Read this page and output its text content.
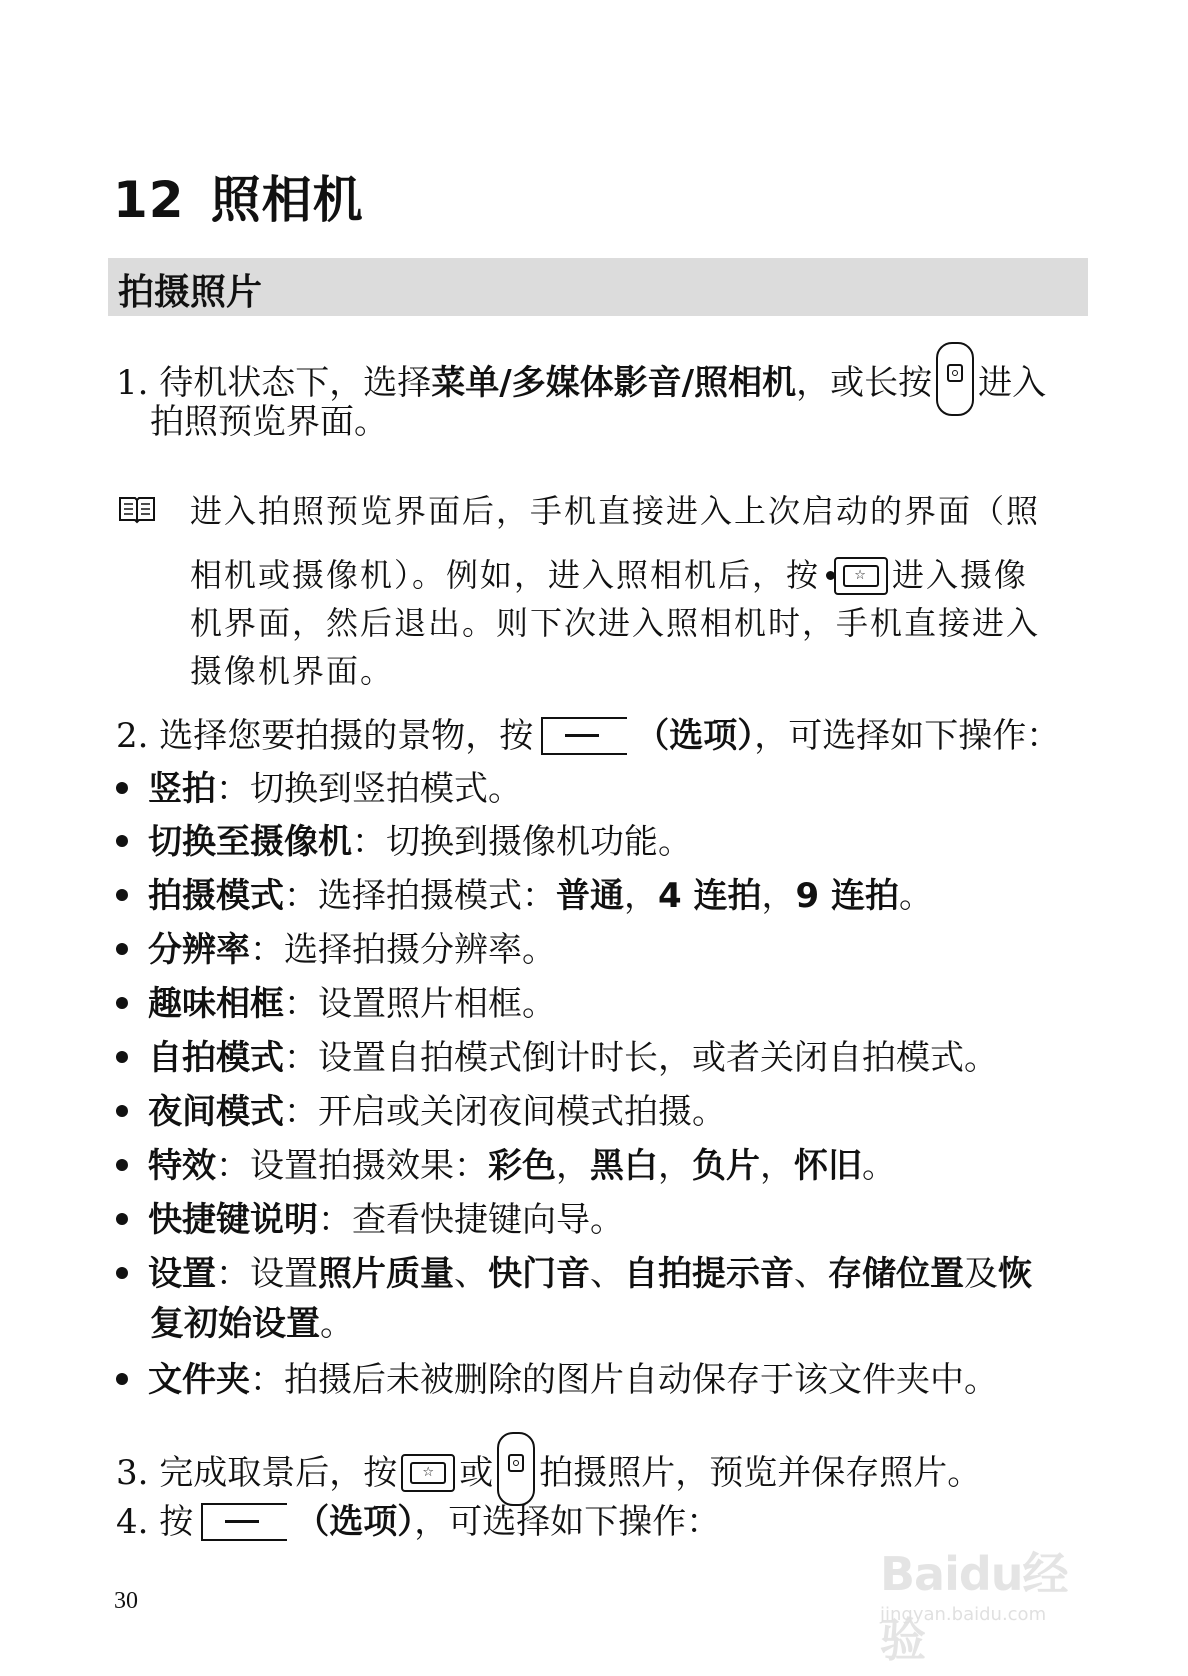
12 照相机
拍摄照片
1. 待机状态下，选择菜单/多媒体影音/照相机，或长按 进入
拍照预览界面。
进入拍照预览界面后，手机直接进入上次启动的界面（照
相机或摄像机）。例如，进入照相机后，按	☆ 进入摄像
机界面，然后退出。则下次进入照相机时，手机直接进入
摄像机界面。
2. 选择您要拍摄的景物，按	（选项），可选择如下操作：
竖拍：切换到竖拍模式。
切换至摄像机：切换到摄像机功能。
拍摄模式：选择拍摄模式：普通，4 连拍，9 连拍。
分辨率：选择拍摄分辨率。
趣味相框：设置照片相框。
自拍模式：设置自拍模式倒计时长，或者关闭自拍模式。
夜间模式：开启或关闭夜间模式拍摄。
特效：设置拍摄效果：彩色，黑白，负片，怀旧。
快捷键说明：查看快捷键向导。
设置：设置照片质量、快门音、自拍提示音、存储位置及恢
复初始设置。
文件夹：拍摄后未被删除的图片自动保存于该文件夹中。
3. 完成取景后，按	☆ 或 拍摄照片，预览并保存照片。
4. 按	（选项），可选择如下操作：
30	Baidu经验
jingyan.baidu.com
